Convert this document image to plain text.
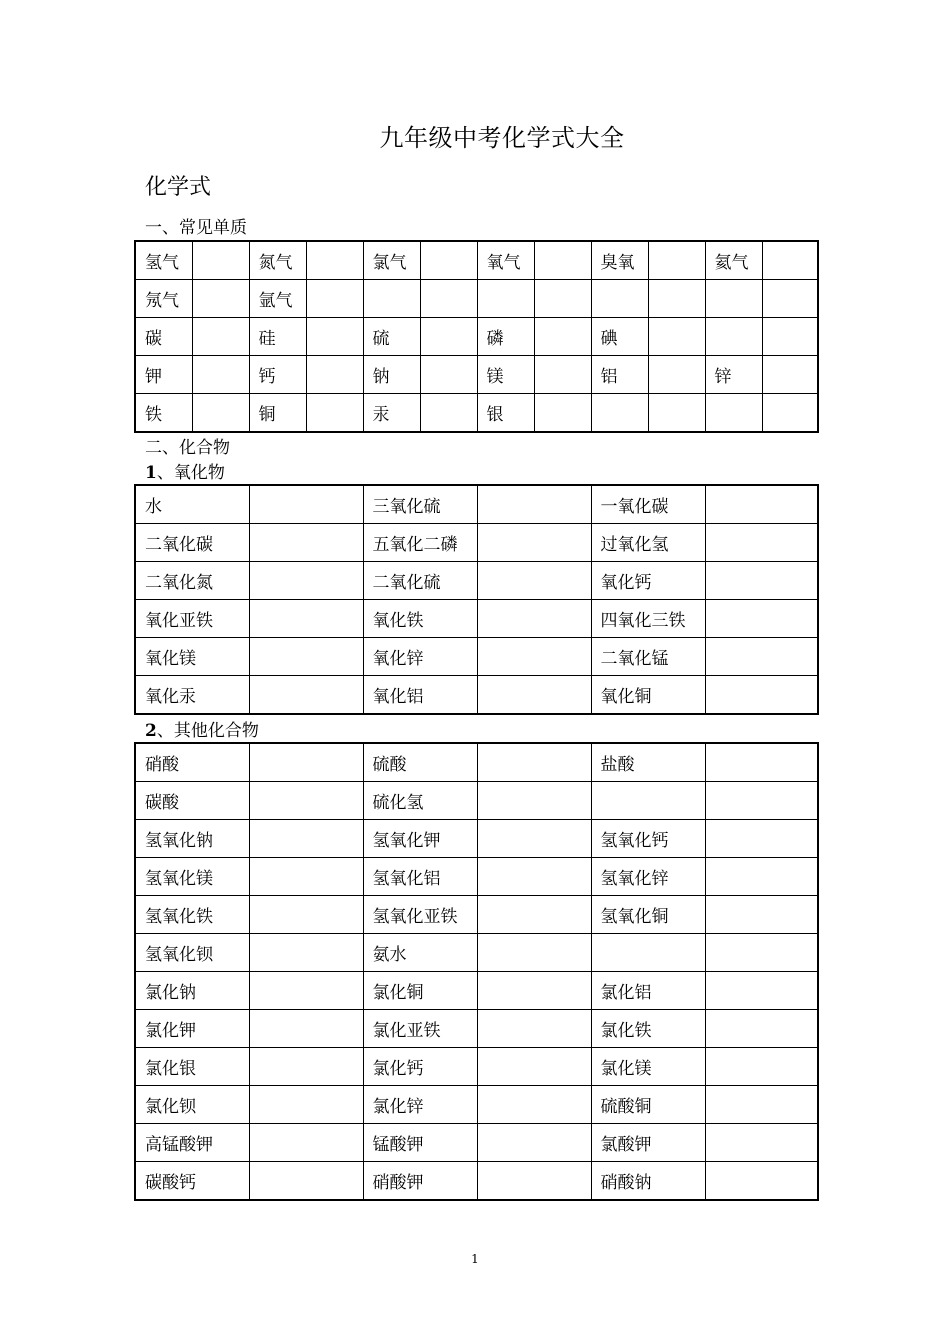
九年级中考化学式大全
化学式
一、常见单质
氢气		氮气		氯气		氧气		臭氧		氦气	
氖气		氩气									
碳		硅		硫		磷		碘			
钾		钙		钠		镁		铝		锌	
铁		铜		汞		银					
二、化合物
1、氧化物
水		三氧化硫		一氧化碳	
二氧化碳		五氧化二磷		过氧化氢	
二氧化氮		二氧化硫		氧化钙	
氧化亚铁		氧化铁		四氧化三铁	
氧化镁		氧化锌		二氧化锰	
氧化汞		氧化铝		氧化铜	
2、其他化合物
硝酸		硫酸		盐酸	
碳酸		硫化氢			
氢氧化钠		氢氧化钾		氢氧化钙	
氢氧化镁		氢氧化铝		氢氧化锌	
氢氧化铁		氢氧化亚铁		氢氧化铜	
氢氧化钡		氨水			
氯化钠		氯化铜		氯化铝	
氯化钾		氯化亚铁		氯化铁	
氯化银		氯化钙		氯化镁	
氯化钡		氯化锌		硫酸铜	
高锰酸钾		锰酸钾		氯酸钾	
碳酸钙		硝酸钾		硝酸钠	
1
